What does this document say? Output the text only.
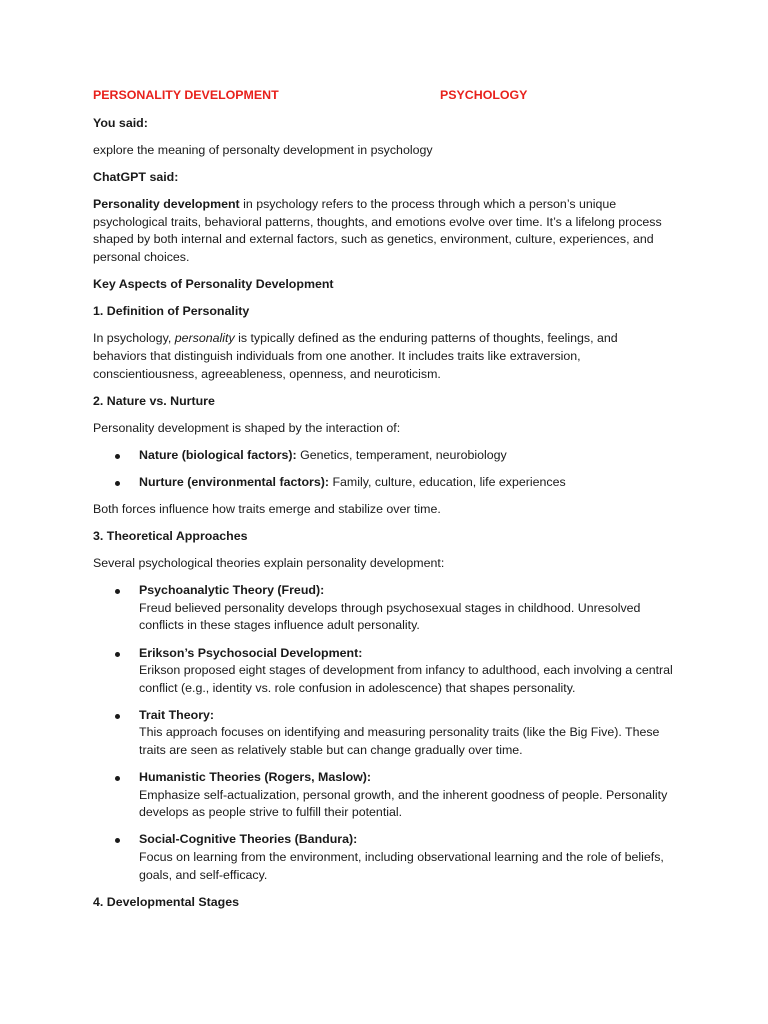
PERSONALITY DEVELOPMENT	PSYCHOLOGY

You said:

explore the meaning of personalty development in psychology

ChatGPT said:

Personality development in psychology refers to the process through which a person’s unique psychological traits, behavioral patterns, thoughts, and emotions evolve over time. It’s a lifelong process shaped by both internal and external factors, such as genetics, environment, culture, experiences, and personal choices.

Key Aspects of Personality Development

1. Definition of Personality

In psychology, personality is typically defined as the enduring patterns of thoughts, feelings, and behaviors that distinguish individuals from one another. It includes traits like extraversion, conscientiousness, agreeableness, openness, and neuroticism.

2. Nature vs. Nurture

Personality development is shaped by the interaction of:

Nature (biological factors): Genetics, temperament, neurobiology
Nurture (environmental factors): Family, culture, education, life experiences

Both forces influence how traits emerge and stabilize over time.

3. Theoretical Approaches

Several psychological theories explain personality development:

Psychoanalytic Theory (Freud):
Freud believed personality develops through psychosexual stages in childhood. Unresolved conflicts in these stages influence adult personality.
Erikson’s Psychosocial Development:
Erikson proposed eight stages of development from infancy to adulthood, each involving a central conflict (e.g., identity vs. role confusion in adolescence) that shapes personality.
Trait Theory:
This approach focuses on identifying and measuring personality traits (like the Big Five). These traits are seen as relatively stable but can change gradually over time.
Humanistic Theories (Rogers, Maslow):
Emphasize self-actualization, personal growth, and the inherent goodness of people. Personality develops as people strive to fulfill their potential.
Social-Cognitive Theories (Bandura):
Focus on learning from the environment, including observational learning and the role of beliefs, goals, and self-efficacy.

4. Developmental Stages
